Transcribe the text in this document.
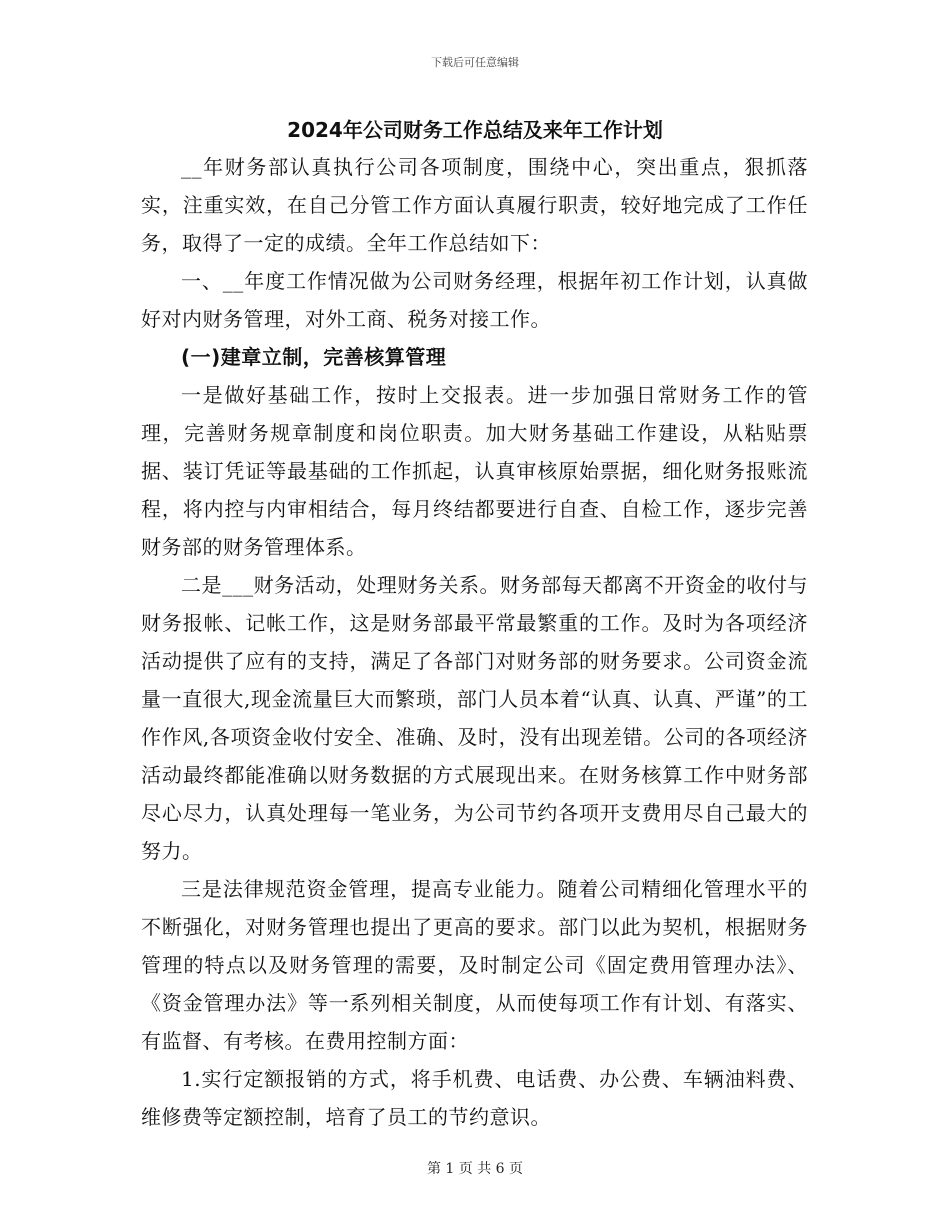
下载后可任意编辑
2024年公司财务工作总结及来年工作计划

__年财务部认真执行公司各项制度，围绕中心，突出重点，狠抓落实，注重实效，在自己分管工作方面认真履行职责，较好地完成了工作任务，取得了一定的成绩。全年工作总结如下：

一、__年度工作情况做为公司财务经理，根据年初工作计划，认真做好对内财务管理，对外工商、税务对接工作。

(一)建章立制，完善核算管理

一是做好基础工作，按时上交报表。进一步加强日常财务工作的管理，完善财务规章制度和岗位职责。加大财务基础工作建设，从粘贴票据、装订凭证等最基础的工作抓起，认真审核原始票据，细化财务报账流程，将内控与内审相结合，每月终结都要进行自查、自检工作，逐步完善财务部的财务管理体系。

二是___财务活动，处理财务关系。财务部每天都离不开资金的收付与财务报帐、记帐工作，这是财务部最平常最繁重的工作。及时为各项经济活动提供了应有的支持，满足了各部门对财务部的财务要求。公司资金流量一直很大,现金流量巨大而繁琐，部门人员本着“认真、认真、严谨”的工作作风,各项资金收付安全、准确、及时，没有出现差错。公司的各项经济活动最终都能准确以财务数据的方式展现出来。在财务核算工作中财务部尽心尽力，认真处理每一笔业务，为公司节约各项开支费用尽自己最大的努力。

三是法律规范资金管理，提高专业能力。随着公司精细化管理水平的不断强化，对财务管理也提出了更高的要求。部门以此为契机，根据财务管理的特点以及财务管理的需要，及时制定公司《固定费用管理办法》、《资金管理办法》等一系列相关制度，从而使每项工作有计划、有落实、有监督、有考核。在费用控制方面：

1.实行定额报销的方式，将手机费、电话费、办公费、车辆油料费、维修费等定额控制，培育了员工的节约意识。

第 1 页 共 6 页
